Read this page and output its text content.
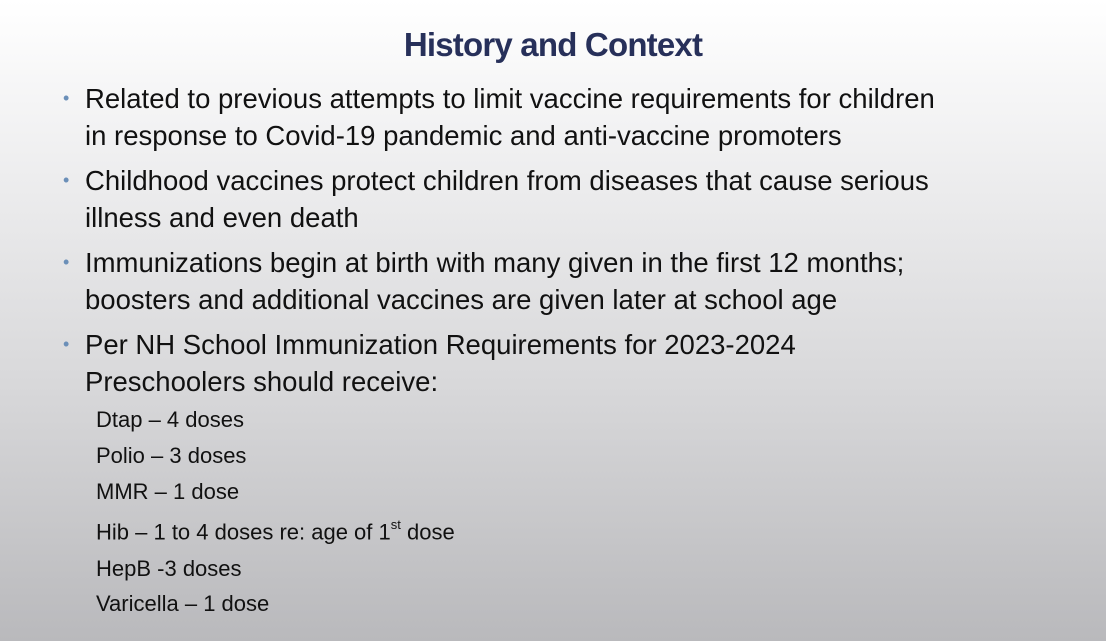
History and Context
• Related to previous attempts to limit vaccine requirements for children
in response to Covid-19 pandemic and anti-vaccine promoters
• Childhood vaccines protect children from diseases that cause serious
illness and even death
• Immunizations begin at birth with many given in the first 12 months;
boosters and additional vaccines are given later at school age
• Per NH School Immunization Requirements for 2023-2024
Preschoolers should receive:
Dtap – 4 doses
Polio – 3 doses
MMR – 1 dose
Hib – 1 to 4 doses re: age of 1st dose
HepB -3 doses
Varicella – 1 dose
